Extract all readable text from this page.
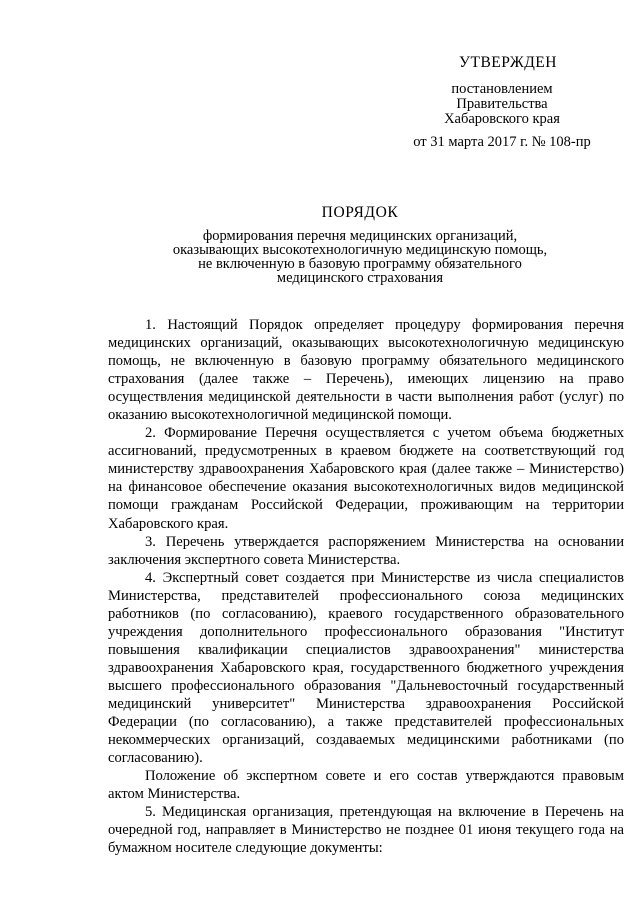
УТВЕРЖДЕН
постановлением
Правительства
Хабаровского края
от 31 марта 2017 г. № 108-пр
ПОРЯДОК
формирования перечня медицинских организаций,
оказывающих высокотехнологичную медицинскую помощь,
не включенную в базовую программу обязательного
медицинского страхования

1. Настоящий Порядок определяет процедуру формирования перечня медицинских организаций, оказывающих высокотехнологичную медицинскую помощь, не включенную в базовую программу обязательного медицинского страхования (далее также – Перечень), имеющих лицензию на право осуществления медицинской деятельности в части выполнения работ (услуг) по оказанию высокотехнологичной медицинской помощи.

2. Формирование Перечня осуществляется с учетом объема бюджетных ассигнований, предусмотренных в краевом бюджете на соответствующий год министерству здравоохранения Хабаровского края (далее также – Министерство) на финансовое обеспечение оказания высокотехнологичных видов медицинской помощи гражданам Российской Федерации, проживающим на территории Хабаровского края.

3. Перечень утверждается распоряжением Министерства на основании заключения экспертного совета Министерства.

4. Экспертный совет создается при Министерстве из числа специалистов Министерства, представителей профессионального союза медицинских работников (по согласованию), краевого государственного образовательного учреждения дополнительного профессионального образования "Институт повышения квалификации специалистов здравоохранения" министерства здравоохранения Хабаровского края, государственного бюджетного учреждения высшего профессионального образования "Дальневосточный государственный медицинский университет" Министерства здравоохранения Российской Федерации (по согласованию), а также представителей профессиональных некоммерческих организаций, создаваемых медицинскими работниками (по согласованию).

Положение об экспертном совете и его состав утверждаются правовым актом Министерства.

5. Медицинская организация, претендующая на включение в Перечень на очередной год, направляет в Министерство не позднее 01 июня текущего года на бумажном носителе следующие документы:
